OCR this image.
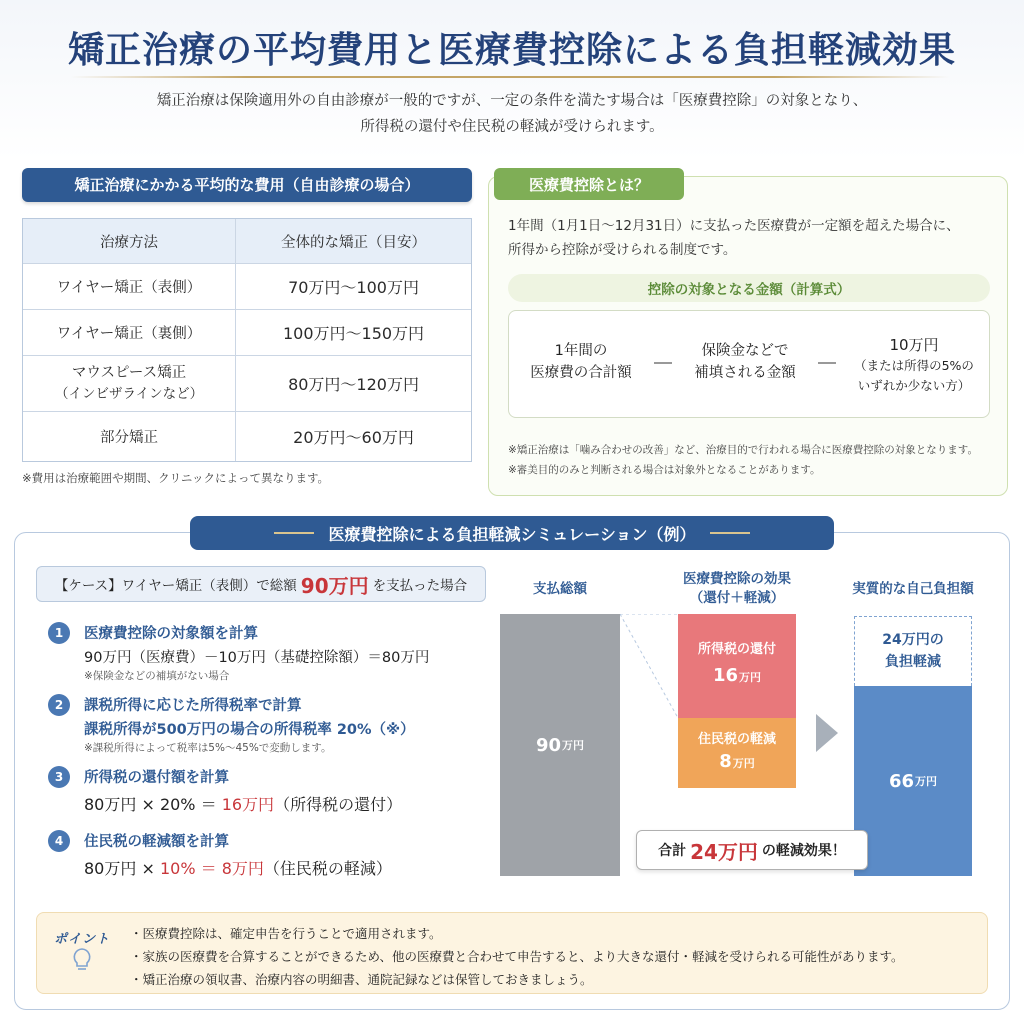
矯正治療の平均費用と医療費控除による負担軽減効果
矯正治療は保険適用外の自由診療が一般的ですが、一定の条件を満たす場合は「医療費控除」の対象となり、
所得税の還付や住民税の軽減が受けられます。
矯正治療にかかる平均的な費用（自由診療の場合）
治療方法	全体的な矯正（目安）
ワイヤー矯正（表側）	70万円〜100万円
ワイヤー矯正（裏側）	100万円〜150万円
マウスピース矯正
（インビザラインなど）	80万円〜120万円
部分矯正	20万円〜60万円
※費用は治療範囲や期間、クリニックによって異なります。
医療費控除とは？
1年間（1月1日〜12月31日）に支払った医療費が一定額を超えた場合に、
所得から控除が受けられる制度です。
控除の対象となる金額（計算式）
1年間の
医療費の合計額
保険金などで
補填される金額
10万円
（または所得の5%の
いずれか少ない方）
※矯正治療は「噛み合わせの改善」など、治療目的で行われる場合に医療費控除の対象となります。
※審美目的のみと判断される場合は対象外となることがあります。
医療費控除による負担軽減シミュレーション（例）
【ケース】ワイヤー矯正（表側）で総額 90万円 を支払った場合
1	医療費控除の対象額を計算
90万円（医療費）－10万円（基礎控除額）＝80万円
※保険金などの補填がない場合
2	課税所得に応じた所得税率で計算
課税所得が500万円の場合の所得税率 20%（※）
※課税所得によって税率は5%〜45%で変動します。
3	所得税の還付額を計算
80万円 × 20% ＝ 16万円（所得税の還付）
4	住民税の軽減額を計算
80万円 × 10% ＝ 8万円（住民税の軽減）
支払総額
医療費控除の効果
（還付＋軽減）
実質的な自己負担額
90 万円
所得税の還付
16万円
住民税の軽減
8万円
24万円の
負担軽減
66 万円
合計 24万円 の軽減効果！
ポイント	・医療費控除は、確定申告を行うことで適用されます。
・家族の医療費を合算することができるため、他の医療費と合わせて申告すると、より大きな還付・軽減を受けられる可能性があります。
・矯正治療の領収書、治療内容の明細書、通院記録などは保管しておきましょう。
